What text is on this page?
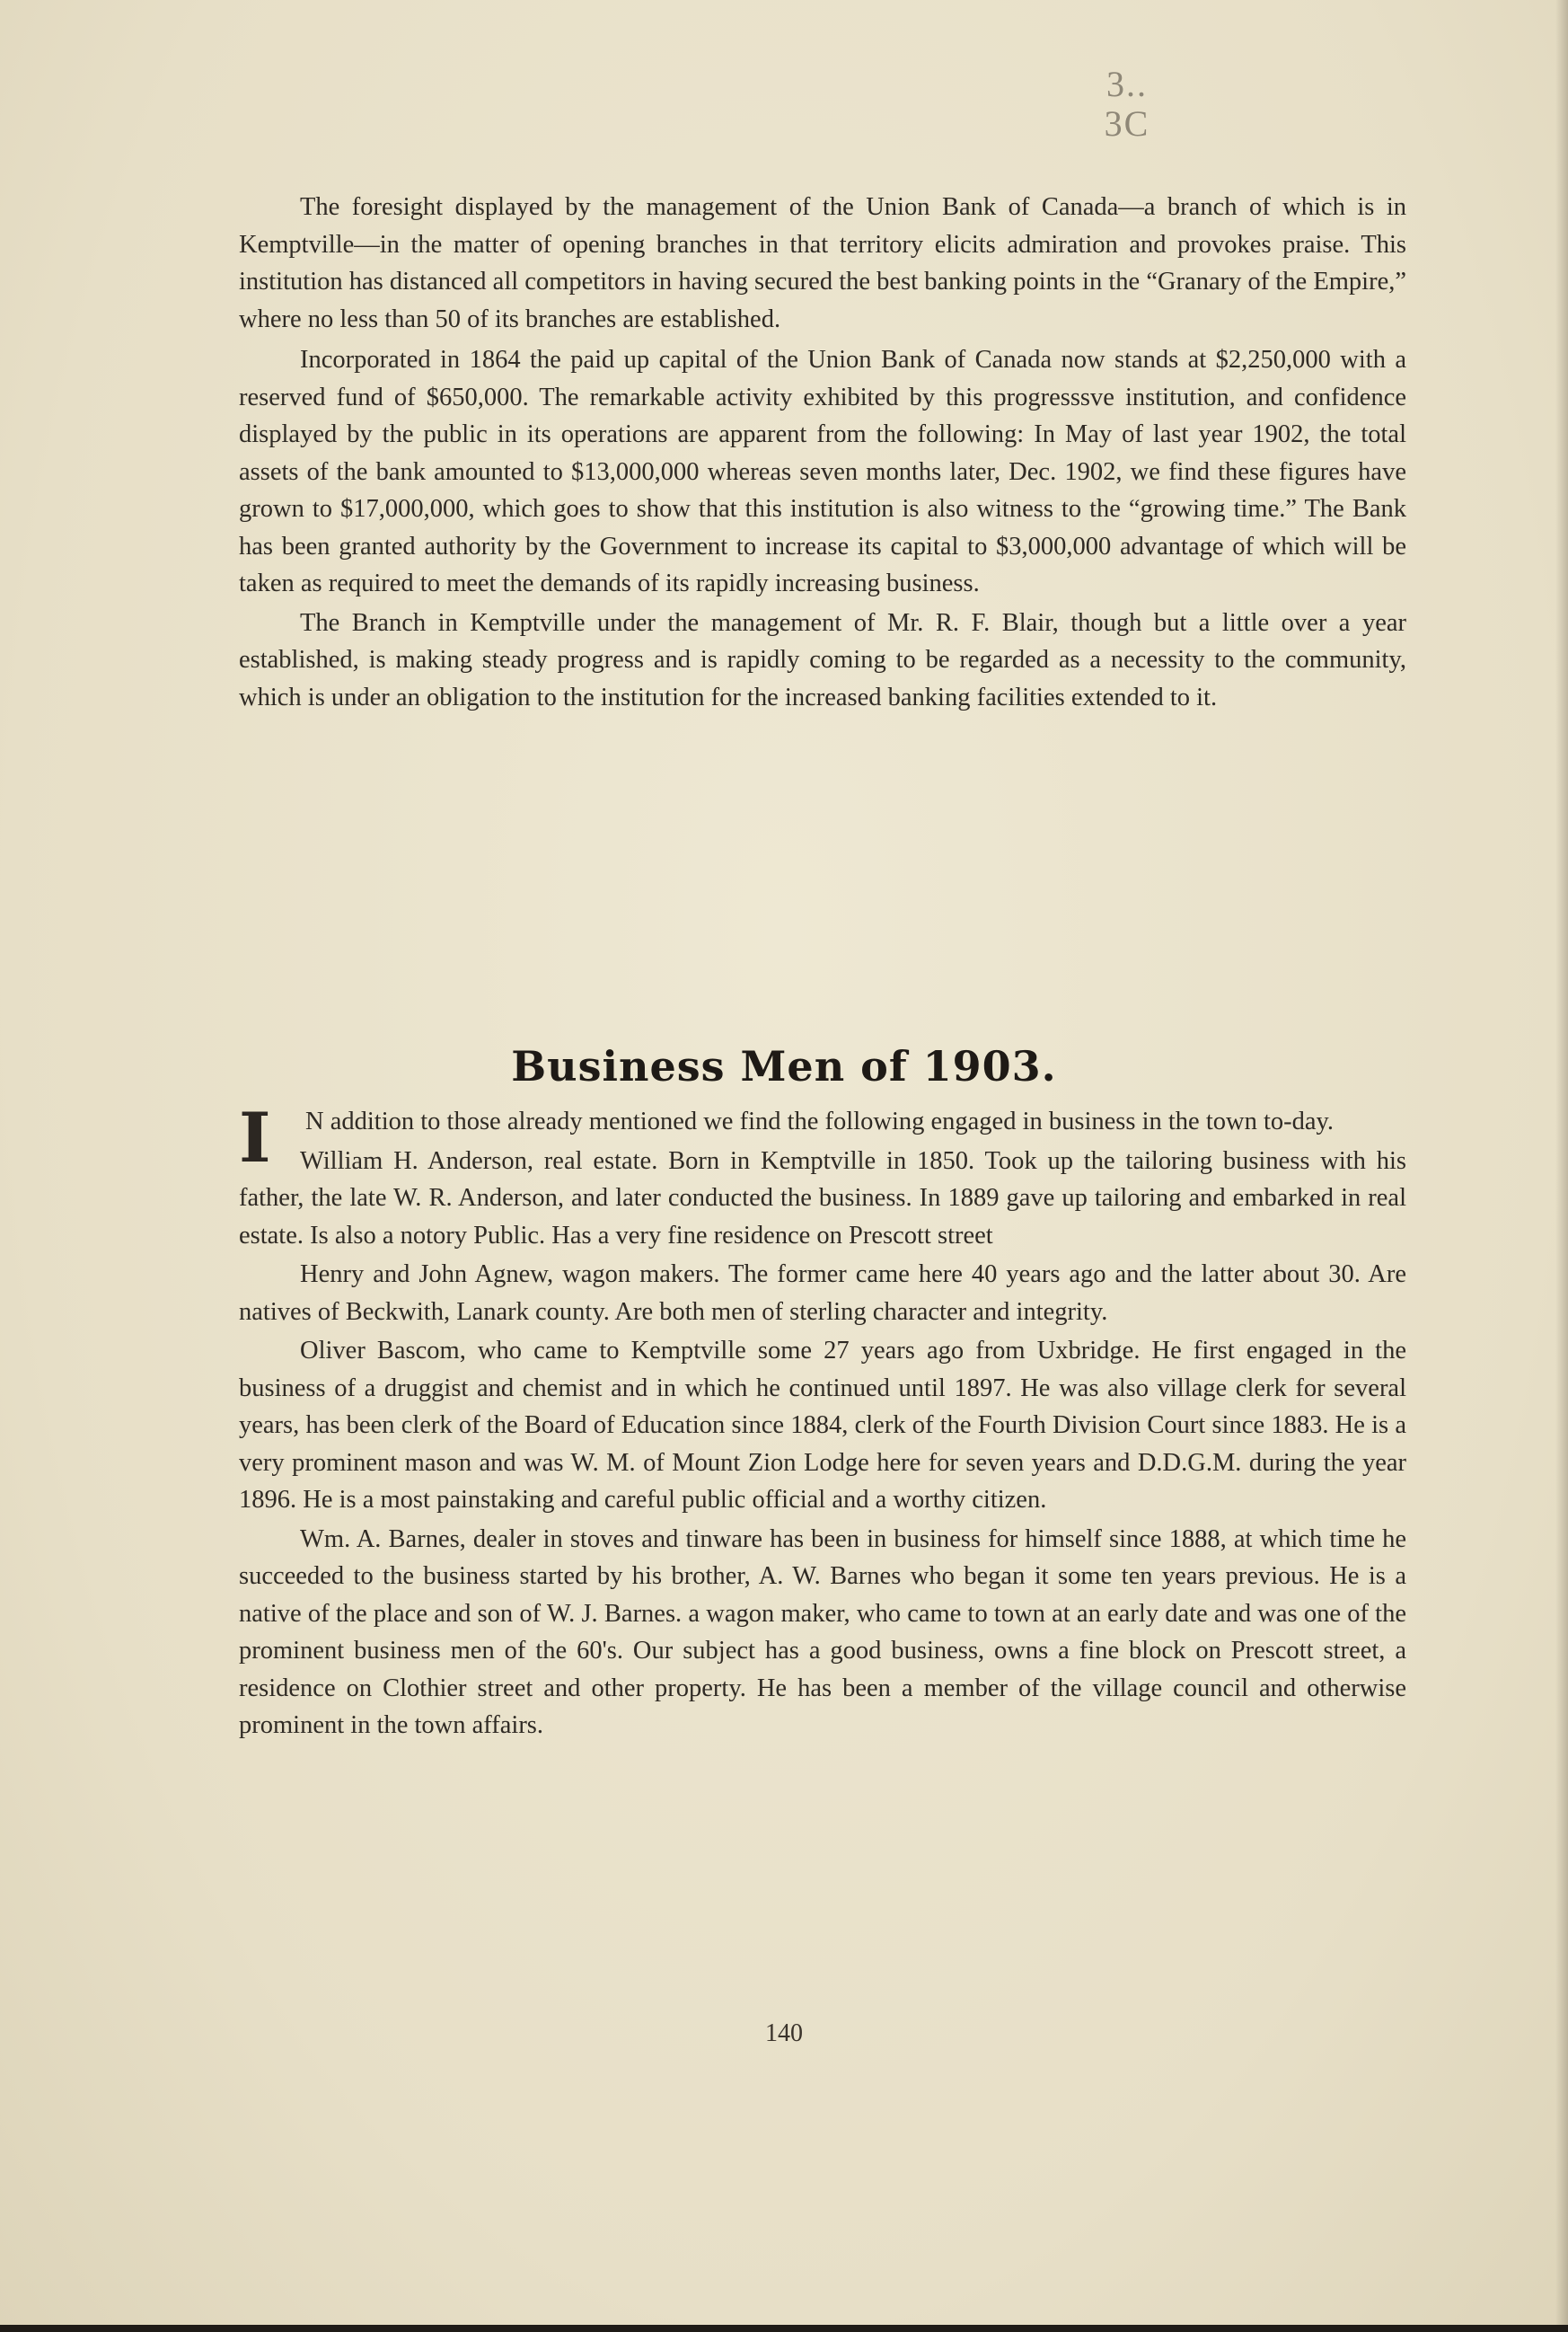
3..
3C

The foresight displayed by the management of the Union Bank of Canada—a branch of which is in Kemptville—in the matter of opening branches in that territory elicits admiration and provokes praise. This institution has distanced all competitors in having secured the best banking points in the “Granary of the Empire,” where no less than 50 of its branches are established.

Incorporated in 1864 the paid up capital of the Union Bank of Canada now stands at $2,250,000 with a reserved fund of $650,000. The remarkable activity exhibited by this progresssve institution, and confidence displayed by the public in its operations are apparent from the following: In May of last year 1902, the total assets of the bank amounted to $13,000,000 whereas seven months later, Dec. 1902, we find these figures have grown to $17,000,000, which goes to show that this institution is also witness to the “growing time.” The Bank has been granted authority by the Government to increase its capital to $3,000,000 advantage of which will be taken as required to meet the demands of its rapidly increasing business.

The Branch in Kemptville under the management of Mr. R. F. Blair, though but a little over a year established, is making steady progress and is rapidly coming to be regarded as a necessity to the community, which is under an obligation to the institution for the increased banking facilities extended to it.

Business Men of 1903.

I N addition to those already mentioned we find the following engaged in business in the town to-day.

William H. Anderson, real estate. Born in Kemptville in 1850. Took up the tailoring business with his father, the late W. R. Anderson, and later conducted the business. In 1889 gave up tailoring and embarked in real estate. Is also a notory Public. Has a very fine residence on Prescott street

Henry and John Agnew, wagon makers. The former came here 40 years ago and the latter about 30. Are natives of Beckwith, Lanark county. Are both men of sterling character and integrity.

Oliver Bascom, who came to Kemptville some 27 years ago from Uxbridge. He first engaged in the business of a druggist and chemist and in which he continued until 1897. He was also village clerk for several years, has been clerk of the Board of Education since 1884, clerk of the Fourth Division Court since 1883. He is a very prominent mason and was W. M. of Mount Zion Lodge here for seven years and D.D.G.M. during the year 1896. He is a most painstaking and careful public official and a worthy citizen.

Wm. A. Barnes, dealer in stoves and tinware has been in business for himself since 1888, at which time he succeeded to the business started by his brother, A. W. Barnes who began it some ten years previous. He is a native of the place and son of W. J. Barnes. a wagon maker, who came to town at an early date and was one of the prominent business men of the 60's. Our subject has a good business, owns a fine block on Prescott street, a residence on Clothier street and other property. He has been a member of the village council and otherwise prominent in the town affairs.

140
